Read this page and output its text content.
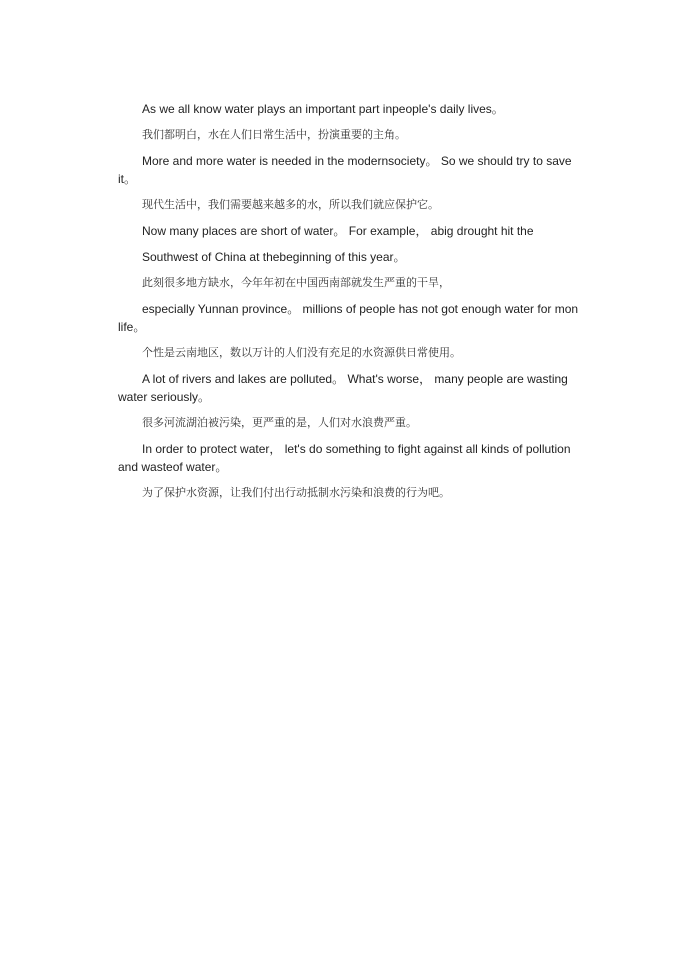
As we all know water plays an important part inpeople's daily lives。

我们都明白，水在人们日常生活中，扮演重要的主角。

More and more water is needed in the modernsociety。 So we should try to save it。

现代生活中，我们需要越来越多的水，所以我们就应保护它。

Now many places are short of water。 For example， abig drought hit the

Southwest of China at thebeginning of this year。

此刻很多地方缺水，今年年初在中国西南部就发生严重的干旱，

especially Yunnan province。 millions of people has not got enough water for mon life。

个性是云南地区，数以万计的人们没有充足的水资源供日常使用。

A lot of rivers and lakes are polluted。 What's worse， many people are wasting water seriously。

很多河流湖泊被污染，更严重的是，人们对水浪费严重。

In order to protect water， let's do something to fight against all kinds of pollution and wasteof water。

为了保护水资源，让我们付出行动抵制水污染和浪费的行为吧。
